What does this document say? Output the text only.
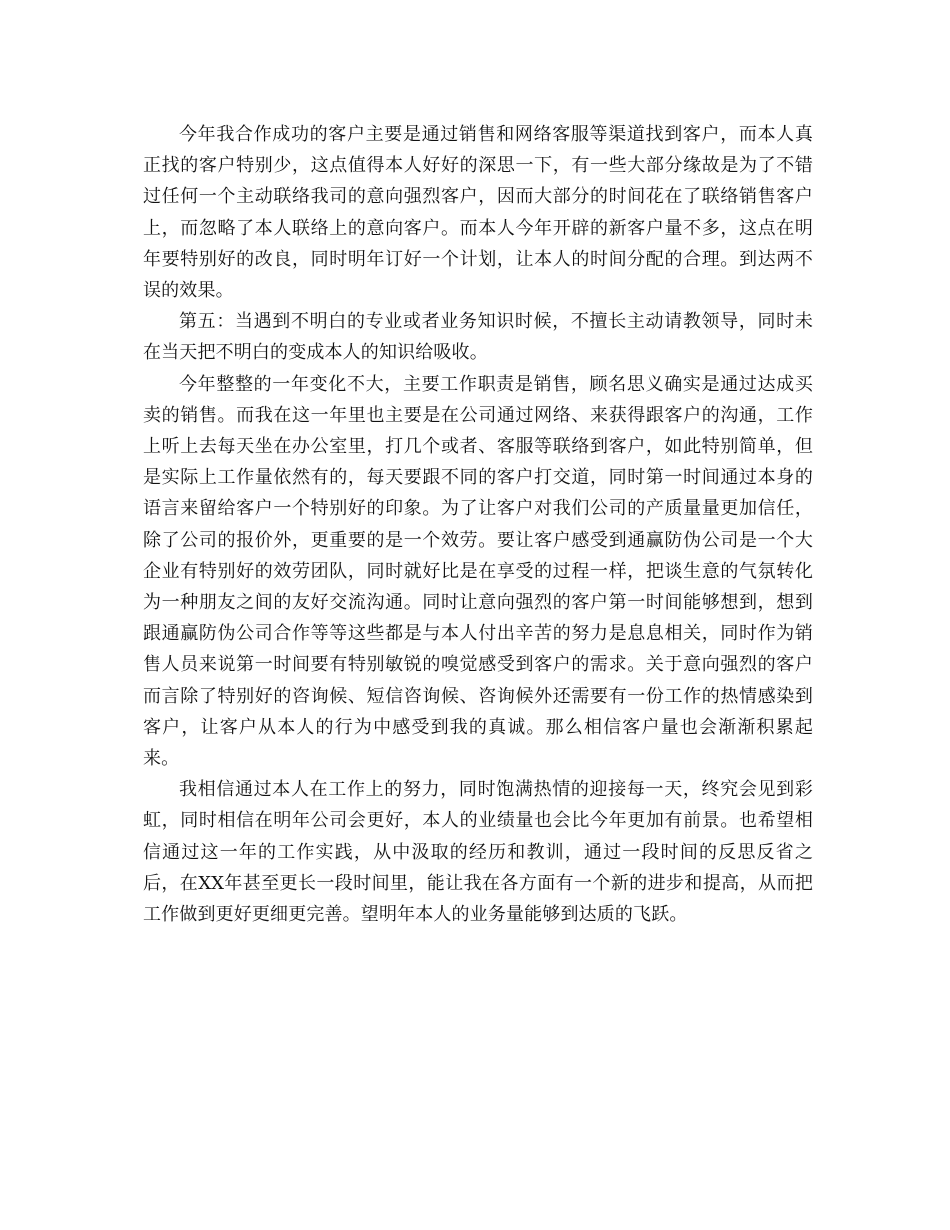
今年我合作成功的客户主要是通过销售和网络客服等渠道找到客户，而本人真正找的客户特别少，这点值得本人好好的深思一下，有一些大部分缘故是为了不错过任何一个主动联络我司的意向强烈客户，因而大部分的时间花在了联络销售客户上，而忽略了本人联络上的意向客户。而本人今年开辟的新客户量不多，这点在明年要特别好的改良，同时明年订好一个计划，让本人的时间分配的合理。到达两不误的效果。

第五：当遇到不明白的专业或者业务知识时候，不擅长主动请教领导，同时未在当天把不明白的变成本人的知识给吸收。

今年整整的一年变化不大，主要工作职责是销售，顾名思义确实是通过达成买卖的销售。而我在这一年里也主要是在公司通过网络、来获得跟客户的沟通，工作上听上去每天坐在办公室里，打几个或者、客服等联络到客户，如此特别简单，但是实际上工作量依然有的，每天要跟不同的客户打交道，同时第一时间通过本身的语言来留给客户一个特别好的印象。为了让客户对我们公司的产质量量更加信任，除了公司的报价外，更重要的是一个效劳。要让客户感受到通赢防伪公司是一个大企业有特别好的效劳团队，同时就好比是在享受的过程一样，把谈生意的气氛转化为一种朋友之间的友好交流沟通。同时让意向强烈的客户第一时间能够想到，想到跟通赢防伪公司合作等等这些都是与本人付出辛苦的努力是息息相关，同时作为销售人员来说第一时间要有特别敏锐的嗅觉感受到客户的需求。关于意向强烈的客户而言除了特别好的咨询候、短信咨询候、咨询候外还需要有一份工作的热情感染到客户，让客户从本人的行为中感受到我的真诚。那么相信客户量也会渐渐积累起来。

我相信通过本人在工作上的努力，同时饱满热情的迎接每一天，终究会见到彩虹，同时相信在明年公司会更好，本人的业绩量也会比今年更加有前景。也希望相信通过这一年的工作实践，从中汲取的经历和教训，通过一段时间的反思反省之后，在XX年甚至更长一段时间里，能让我在各方面有一个新的进步和提高，从而把工作做到更好更细更完善。望明年本人的业务量能够到达质的飞跃。
